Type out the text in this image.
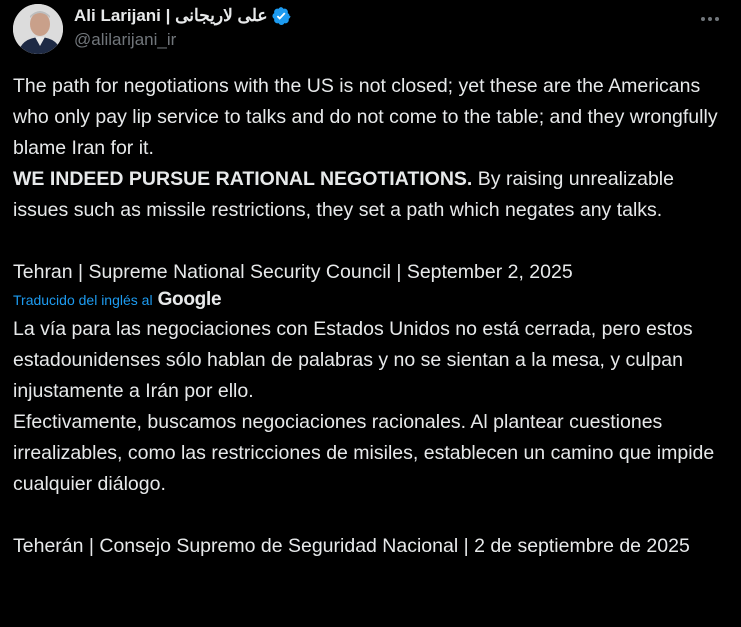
Ali Larijani | علی لاریجانی
@alilarijani_ir

The path for negotiations with the US is not closed; yet these are the Americans who only pay lip service to talks and do not come to the table; and they wrongfully blame Iran for it.

WE INDEED PURSUE RATIONAL NEGOTIATIONS. By raising unrealizable issues such as missile restrictions, they set a path which negates any talks.

Tehran | Supreme National Security Council | September 2, 2025

Traducido del inglés al Google

La vía para las negociaciones con Estados Unidos no está cerrada, pero estos estadounidenses sólo hablan de palabras y no se sientan a la mesa, y culpan injustamente a Irán por ello.

Efectivamente, buscamos negociaciones racionales. Al plantear cuestiones irrealizables, como las restricciones de misiles, establecen un camino que impide cualquier diálogo.

Teherán | Consejo Supremo de Seguridad Nacional | 2 de septiembre de 2025
